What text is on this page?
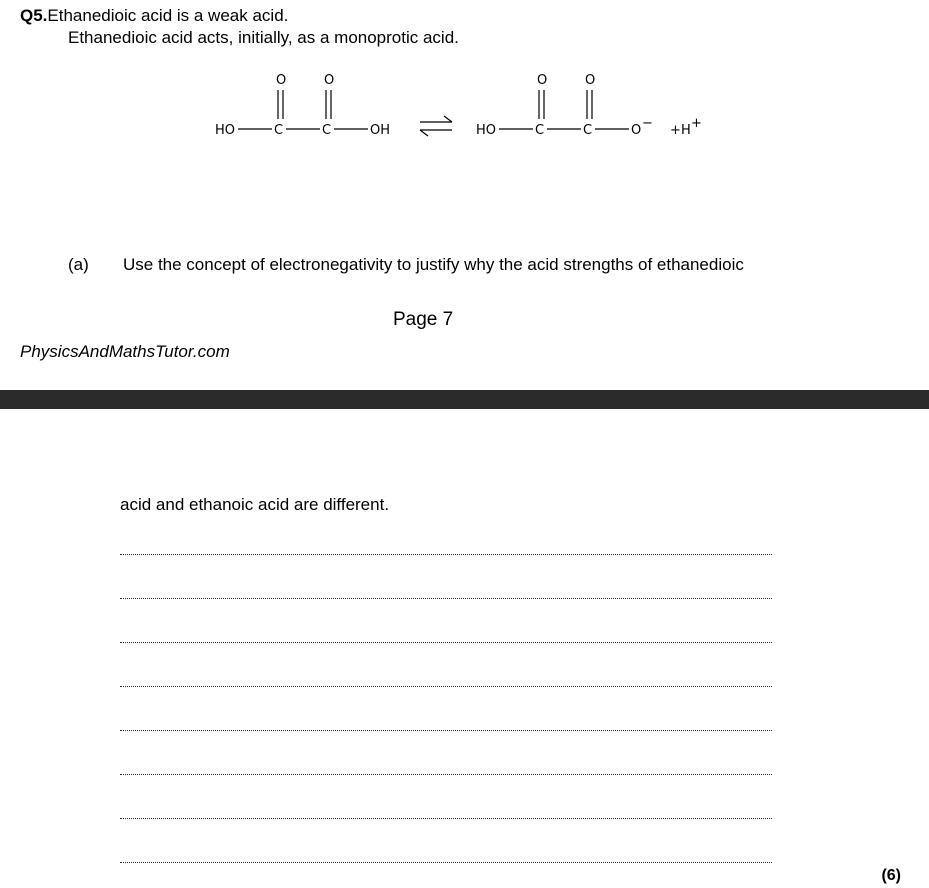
Q5.Ethanedioic acid is a weak acid.
Ethanedioic acid acts, initially, as a monoprotic acid.
HO	C	C	OH
O	O
HO	C	C	O −
O	O
+ H +
(a) Use the concept of electronegativity to justify why the acid strengths of ethanedioic
Page 7
PhysicsAndMathsTutor.com
acid and ethanoic acid are different.
(6)
